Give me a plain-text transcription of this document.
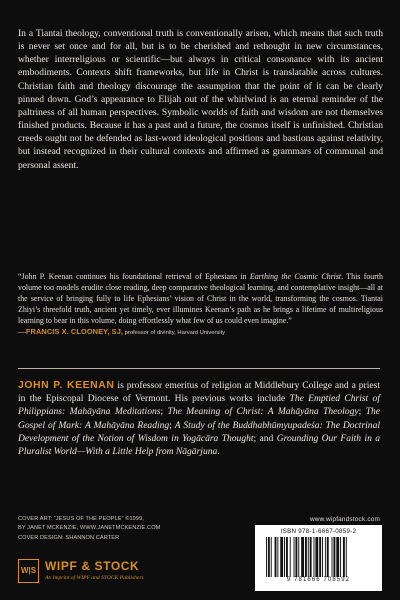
In a Tiantai theology, conventional truth is conventionally arisen, which means that such truth is never set once and for all, but is to be cherished and rethought in new circumstances, whether interreligious or scientific—but always in critical consonance with its ancient embodiments. Contexts shift frameworks, but life in Christ is translatable across cultures. Christian faith and theology discourage the assumption that the point of it can be clearly pinned down. God’s appearance to Elijah out of the whirlwind is an eternal reminder of the paltriness of all human perspectives. Symbolic worlds of faith and wisdom are not themselves finished products. Because it has a past and a future, the cosmos itself is unfinished. Christian creeds ought not be defended as last-word ideological positions and bastions against relativity, but instead recognized in their cultural contexts and affirmed as grammars of communal and personal assent.

“John P. Keenan continues his foundational retrieval of Ephesians in Earthing the Cosmic Christ. This fourth volume too models erudite close reading, deep comparative theological learning, and contemplative insight—all at the service of bringing fully to life Ephesians’ vision of Christ in the world, transforming the cosmos. Tiantai Zhiyi’s threefold truth, ancient yet timely, ever illumines Keenan’s path as he brings a lifetime of multireligious learning to bear in this volume, doing effortlessly what few of us could even imagine.”
—FRANCIS X. CLOONEY, SJ, professor of divinity, Harvard University

JOHN P. KEENAN is professor emeritus of religion at Middlebury College and a priest in the Episcopal Diocese of Vermont. His previous works include The Emptied Christ of Philippians: Mahāyāna Meditations; The Meaning of Christ: A Mahāyāna Theology; The Gospel of Mark: A Mahāyāna Reading; A Study of the Buddhabhūmyupadeśa: The Doctrinal Development of the Notion of Wisdom in Yogācāra Thought; and Grounding Our Faith in a Pluralist World—With a Little Help from Nāgārjuna.

COVER ART: “JESUS OF THE PEOPLE” ©1999,
BY JANET MCKENZIE, WWW.JANETMCKENZIE.COM
COVER DESIGN: SHANNON CARTER
W|S WIPF & STOCK
An Imprint of WIPF and STOCK Publishers
www.wipfandstock.com
ISBN 978-1-6667-0859-2
9 781666 708592
